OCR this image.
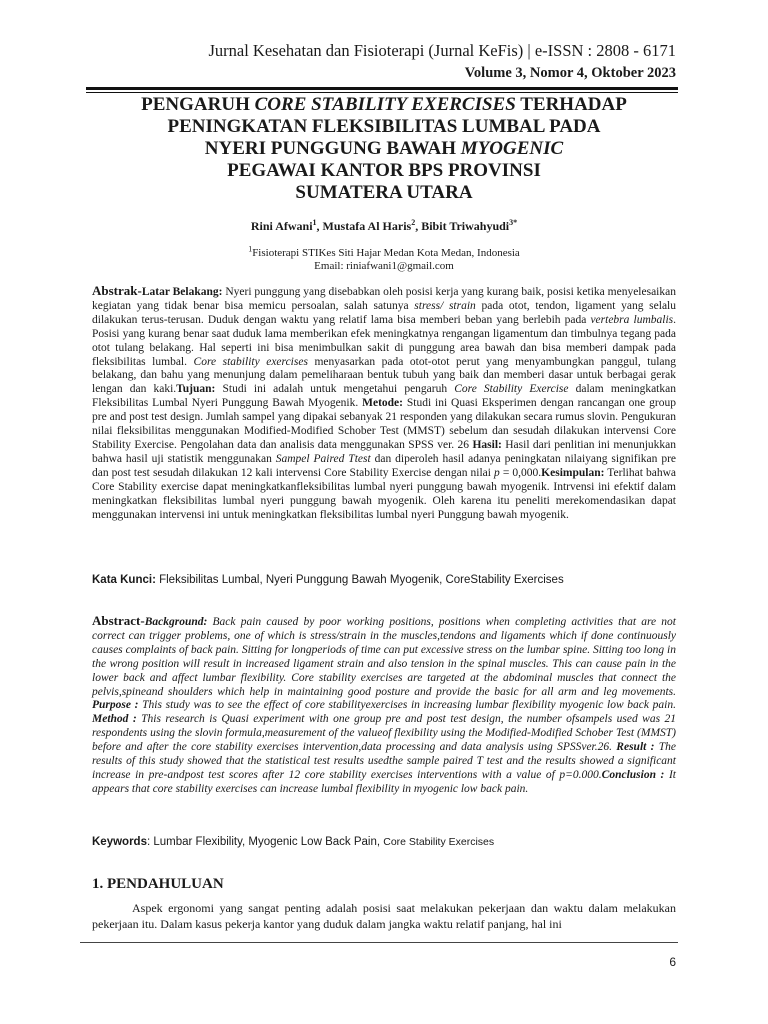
Jurnal Kesehatan dan Fisioterapi (Jurnal KeFis) | e-ISSN : 2808 - 6171
Volume 3, Nomor 4, Oktober 2023
PENGARUH CORE STABILITY EXERCISES TERHADAP
PENINGKATAN FLEKSIBILITAS LUMBAL PADA
NYERI PUNGGUNG BAWAH MYOGENIC
PEGAWAI KANTOR BPS PROVINSI
SUMATERA UTARA
Rini Afwani$^1$, Mustafa Al Haris$^2$, Bibit Triwahyudi$^{3*}$
$^1$Fisioterapi STIKes Siti Hajar Medan Kota Medan, Indonesia
Email: riniafwani1@gmail.com
Abstrak-Latar Belakang: Nyeri punggung yang disebabkan oleh posisi kerja yang kurang baik, posisi ketika menyelesaikan kegiatan yang tidak benar bisa memicu persoalan, salah satunya stress/ strain pada otot, tendon, ligament yang selalu dilakukan terus-terusan. Duduk dengan waktu yang relatif lama bisa memberi beban yang berlebih pada vertebra lumbalis. Posisi yang kurang benar saat duduk lama memberikan efek meningkatnya rengangan ligamentum dan timbulnya tegang pada otot tulang belakang. Hal seperti ini bisa menimbulkan sakit di punggung area bawah dan bisa memberi dampak pada fleksibilitas lumbal. Core stability exercises menyasarkan pada otot-otot perut yang menyambungkan panggul, tulang belakang, dan bahu yang menunjung dalam pemeliharaan bentuk tubuh yang baik dan memberi dasar untuk berbagai gerak lengan dan kaki.Tujuan: Studi ini adalah untuk mengetahui pengaruh Core Stability Exercise dalam meningkatkan Fleksibilitas Lumbal Nyeri Punggung Bawah Myogenik. Metode: Studi ini Quasi Eksperimen dengan rancangan one group pre and post test design. Jumlah sampel yang dipakai sebanyak 21 responden yang dilakukan secara rumus slovin. Pengukuran nilai fleksibilitas menggunakan Modified-Modified Schober Test (MMST) sebelum dan sesudah dilakukan intervensi Core Stability Exercise. Pengolahan data dan analisis data menggunakan SPSS ver. 26 Hasil: Hasil dari penlitian ini menunjukkan bahwa hasil uji statistik menggunakan Sampel Paired Ttest dan diperoleh hasil adanya peningkatan nilaiyang signifikan pre dan post test sesudah dilakukan 12 kali intervensi Core Stability Exercise dengan nilai p = 0,000.Kesimpulan: Terlihat bahwa Core Stability exercise dapat meningkatkanfleksibilitas lumbal nyeri punggung bawah myogenik. Intrvensi ini efektif dalam meningkatkan fleksibilitas lumbal nyeri punggung bawah myogenik. Oleh karena itu peneliti merekomendasikan dapat menggunakan intervensi ini untuk meningkatkan fleksibilitas lumbal nyeri Punggung bawah myogenik.
Kata Kunci: Fleksibilitas Lumbal, Nyeri Punggung Bawah Myogenik, CoreStability Exercises
Abstract-Background: Back pain caused by poor working positions, positions when completing activities that are not correct can trigger problems, one of which is stress/strain in the muscles,tendons and ligaments which if done continuously causes complaints of back pain. Sitting for longperiods of time can put excessive stress on the lumbar spine. Sitting too long in the wrong position will result in increased ligament strain and also tension in the spinal muscles. This can cause pain in the lower back and affect lumbar flexibility. Core stability exercises are targeted at the abdominal muscles that connect the pelvis,spineand shoulders which help in maintaining good posture and provide the basic for all arm and leg movements. Purpose : This study was to see the effect of core stabilityexercises in increasing lumbar flexibility myogenic low back pain. Method : This research is Quasi experiment with one group pre and post test design, the number ofsampels used was 21 respondents using the slovin formula,measurement of the valueof flexibility using the Modified-Modified Schober Test (MMST) before and after the core stability exercises intervention,data processing and data analysis using SPSSver.26. Result : The results of this study showed that the statistical test results usedthe sample paired T test and the results showed a significant increase in pre-andpost test scores after 12 core stability exercises interventions with a value of p=0.000.Conclusion : It appears that core stability exercises can increase lumbal flexibility in myogenic low back pain.
Keywords: Lumbar Flexibility, Myogenic Low Back Pain, Core Stability Exercises
1. PENDAHULUAN
Aspek ergonomi yang sangat penting adalah posisi saat melakukan pekerjaan dan waktu dalam melakukan pekerjaan itu. Dalam kasus pekerja kantor yang duduk dalam jangka waktu relatif panjang, hal ini
6
